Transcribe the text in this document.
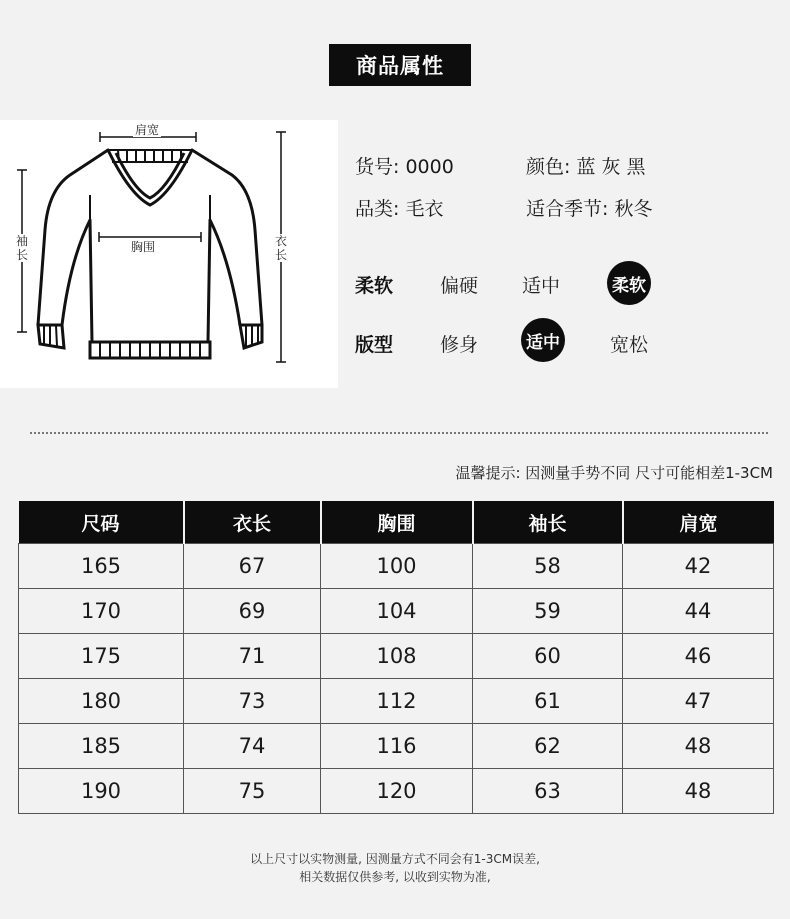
商品属性
肩宽
胸围
袖长
衣长
货号: 0000	颜色: 蓝 灰 黑
品类: 毛衣	适合季节: 秋冬
柔软 偏硬 适中	柔软
版型 修身	适中	宽松
温馨提示: 因测量手势不同 尺寸可能相差1-3CM
尺码	衣长	胸围	袖长	肩宽
165	67	100	58	42
170	69	104	59	44
175	71	108	60	46
180	73	112	61	47
185	74	116	62	48
190	75	120	63	48
以上尺寸以实物测量, 因测量方式不同会有1-3CM误差,
相关数据仅供参考, 以收到实物为准,
